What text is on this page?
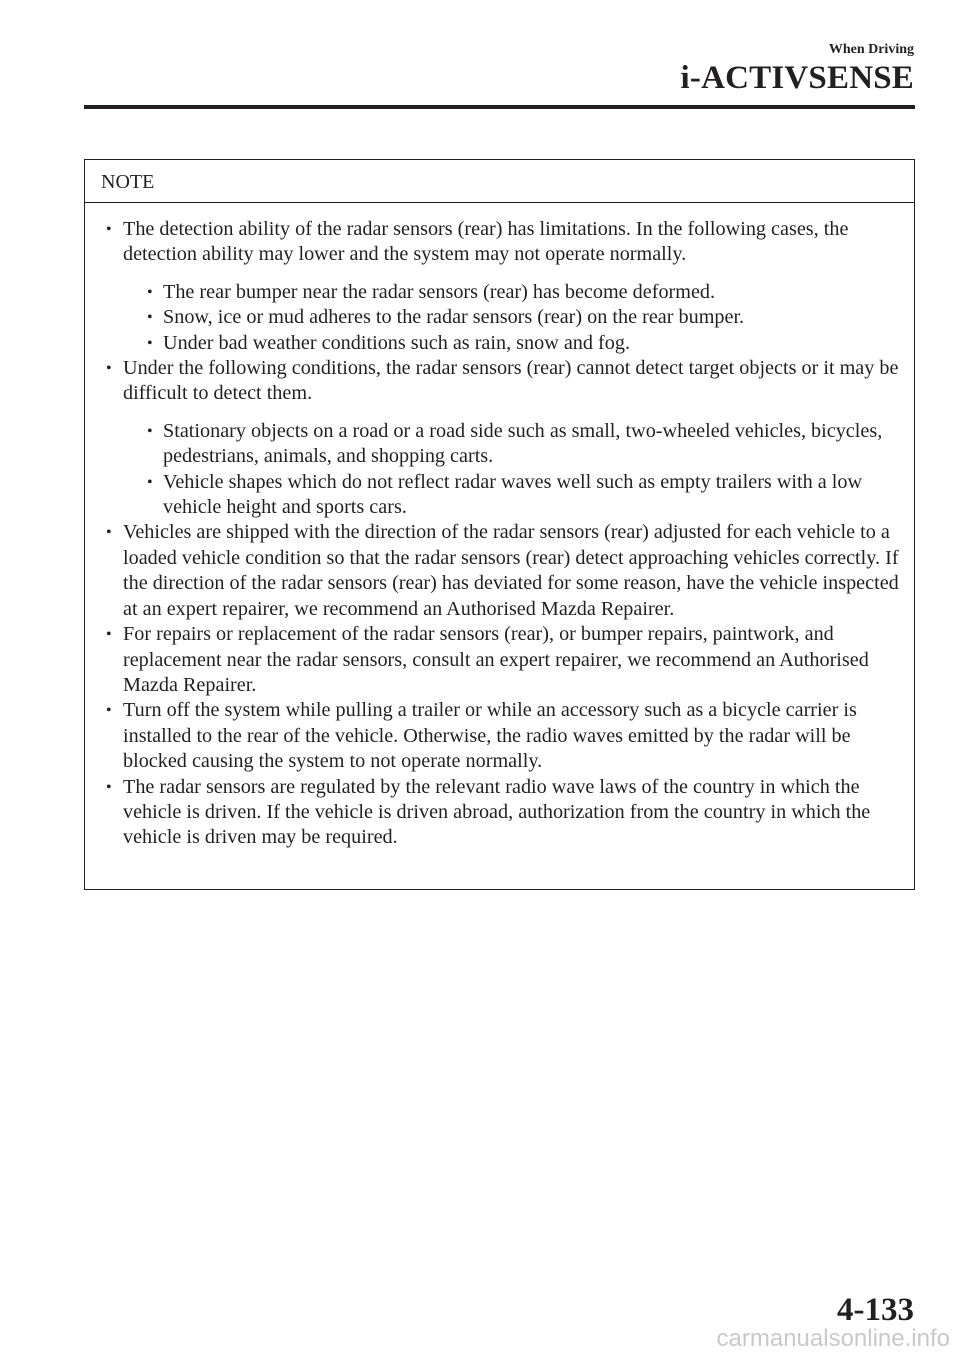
When Driving
i-ACTIVSENSE
NOTE
• The detection ability of the radar sensors (rear) has limitations. In the following cases, the detection ability may lower and the system may not operate normally.
• The rear bumper near the radar sensors (rear) has become deformed.
• Snow, ice or mud adheres to the radar sensors (rear) on the rear bumper.
• Under bad weather conditions such as rain, snow and fog.
• Under the following conditions, the radar sensors (rear) cannot detect target objects or it may be difficult to detect them.
• Stationary objects on a road or a road side such as small, two-wheeled vehicles, bicycles, pedestrians, animals, and shopping carts.
• Vehicle shapes which do not reflect radar waves well such as empty trailers with a low vehicle height and sports cars.
• Vehicles are shipped with the direction of the radar sensors (rear) adjusted for each vehicle to a loaded vehicle condition so that the radar sensors (rear) detect approaching vehicles correctly. If the direction of the radar sensors (rear) has deviated for some reason, have the vehicle inspected at an expert repairer, we recommend an Authorised Mazda Repairer.
• For repairs or replacement of the radar sensors (rear), or bumper repairs, paintwork, and replacement near the radar sensors, consult an expert repairer, we recommend an Authorised Mazda Repairer.
• Turn off the system while pulling a trailer or while an accessory such as a bicycle carrier is installed to the rear of the vehicle. Otherwise, the radio waves emitted by the radar will be blocked causing the system to not operate normally.
• The radar sensors are regulated by the relevant radio wave laws of the country in which the vehicle is driven. If the vehicle is driven abroad, authorization from the country in which the vehicle is driven may be required.
4-133
carmanualsonline.info
